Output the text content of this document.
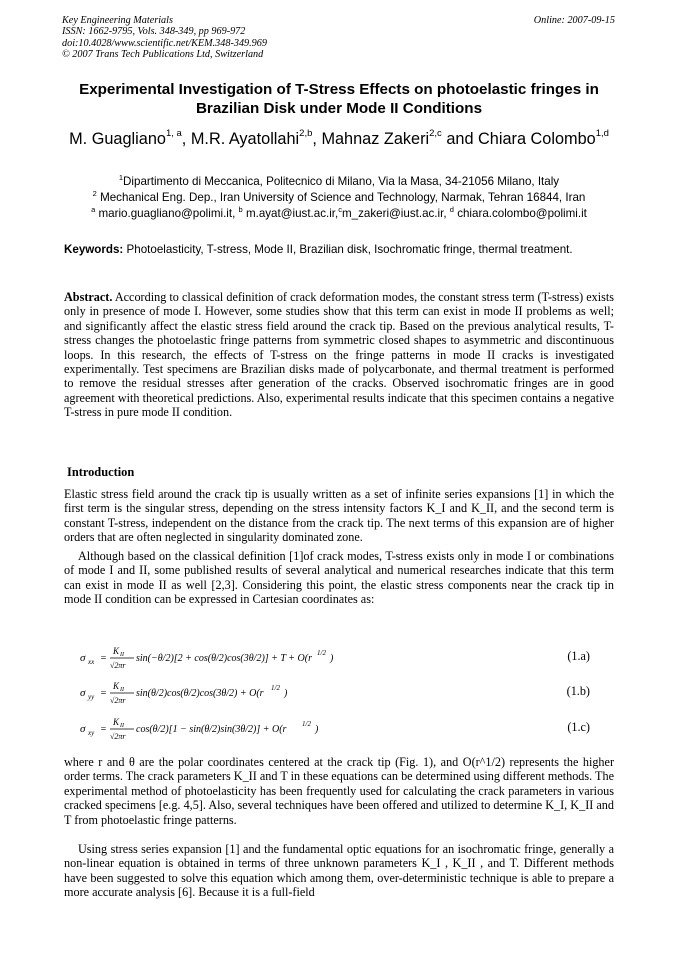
Key Engineering Materials
ISSN: 1662-9795, Vols. 348-349, pp 969-972
doi:10.4028/www.scientific.net/KEM.348-349.969
© 2007 Trans Tech Publications Ltd, Switzerland
Online: 2007-09-15
Experimental Investigation of T-Stress Effects on photoelastic fringes in
Brazilian Disk under Mode II Conditions
M. Guagliano$^{1, a}$, M.R. Ayatollahi$^{2,b}$, Mahnaz Zakeri$^{2,c}$ and Chiara Colombo$^{1,d}$
$^1$Dipartimento di Meccanica, Politecnico di Milano, Via la Masa, 34-21056 Milano, Italy
$^2$ Mechanical Eng. Dep., Iran University of Science and Technology, Narmak, Tehran 16844, Iran
$^a$ mario.guagliano@polimi.it, $^b$ m.ayat@iust.ac.ir,$^c$m_zakeri@iust.ac.ir, $^d$ chiara.colombo@polimi.it
Keywords: Photoelasticity, T-stress, Mode II, Brazilian disk, Isochromatic fringe, thermal treatment.
Abstract. According to classical definition of crack deformation modes, the constant stress term (T-stress) exists only in presence of mode I. However, some studies show that this term can exist in mode II problems as well; and significantly affect the elastic stress field around the crack tip. Based on the previous analytical results, T-stress changes the photoelastic fringe patterns from symmetric closed shapes to asymmetric and discontinuous loops. In this research, the effects of T-stress on the fringe patterns in mode II cracks is investigated experimentally. Test specimens are Brazilian disks made of polycarbonate, and thermal treatment is performed to remove the residual stresses after generation of the cracks. Observed isochromatic fringes are in good agreement with theoretical predictions. Also, experimental results indicate that this specimen contains a negative T-stress in pure mode II condition.
Introduction
Elastic stress field around the crack tip is usually written as a set of infinite series expansions [1] in which the first term is the singular stress, depending on the stress intensity factors K_I and K_II, and the second term is constant T-stress, independent on the distance from the crack tip. The next terms of this expansion are of higher orders that are often neglected in singularity dominated zone.
Although based on the classical definition [1]of crack modes, T-stress exists only in mode I or combinations of mode I and II, some published results of several analytical and numerical researches indicate that this term can exist in mode II as well [2,3]. Considering this point, the elastic stress components near the crack tip in mode II condition can be expressed in Cartesian coordinates as:
σ xx =
K II
√2πr
sin(−θ/2)[2 + cos(θ/2)cos(3θ/2)] + T + O(r 1/2 )	(1.a)
σ yy =
K II
√2πr
sin(θ/2)cos(θ/2)cos(3θ/2) + O(r 1/2 )	(1.b)
σ xy =
K II
√2πr
cos(θ/2)[1 − sin(θ/2)sin(3θ/2)] + O(r 1/2 )	(1.c)
where r and θ are the polar coordinates centered at the crack tip (Fig. 1), and O(r^1/2) represents the higher order terms. The crack parameters K_II and T in these equations can be determined using different methods. The experimental method of photoelasticity has been frequently used for calculating the crack parameters in various cracked specimens [e.g. 4,5]. Also, several techniques have been offered and utilized to determine K_I, K_II and T from photoelastic fringe patterns.
Using stress series expansion [1] and the fundamental optic equations for an isochromatic fringe, generally a non-linear equation is obtained in terms of three unknown parameters K_I , K_II , and T. Different methods have been suggested to solve this equation which among them, over-deterministic technique is able to prepare a more accurate analysis [6]. Because it is a full-field
